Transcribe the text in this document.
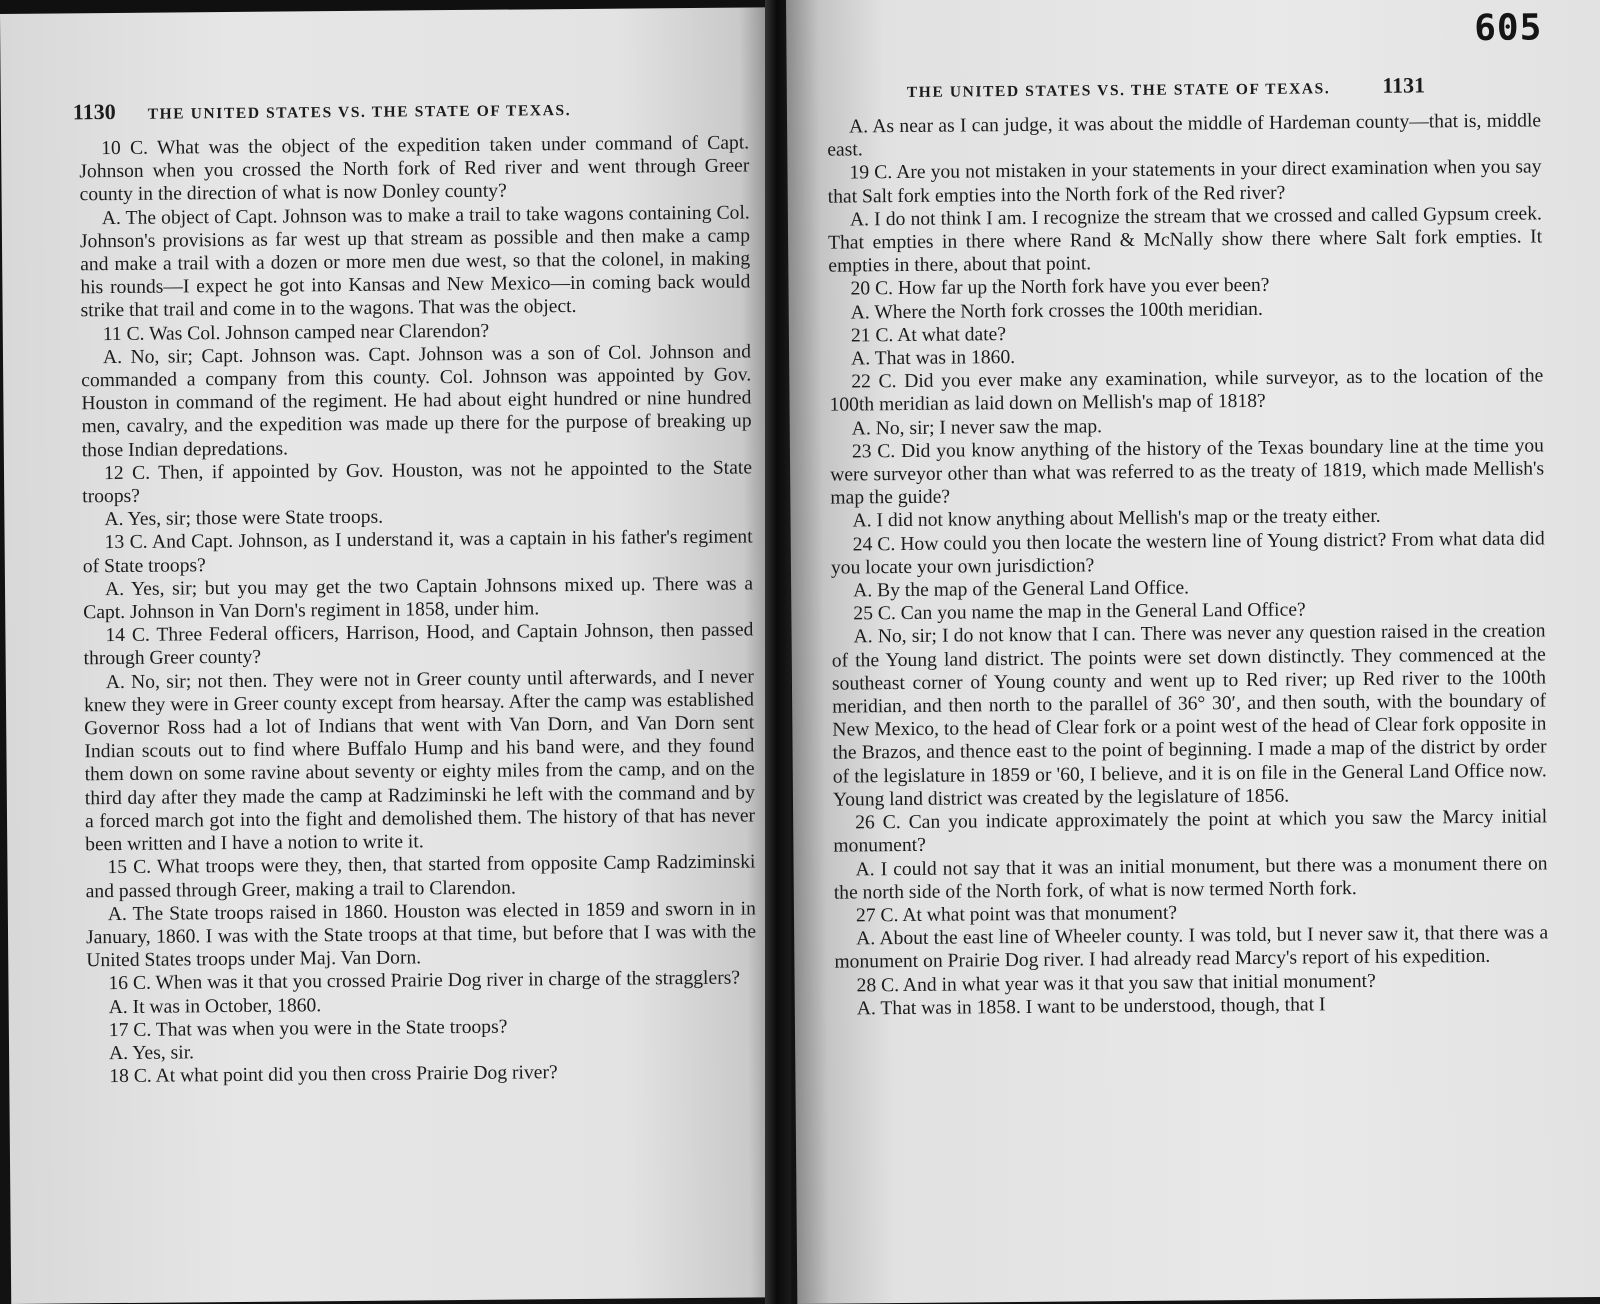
1130 THE UNITED STATES VS. THE STATE OF TEXAS.

10 C. What was the object of the expedition taken under command of Capt. Johnson when you crossed the North fork of Red river and went through Greer county in the direction of what is now Donley county?

A. The object of Capt. Johnson was to make a trail to take wagons containing Col. Johnson's provisions as far west up that stream as possible and then make a camp and make a trail with a dozen or more men due west, so that the colonel, in making his rounds—I expect he got into Kansas and New Mexico—in coming back would strike that trail and come in to the wagons. That was the object.

11 C. Was Col. Johnson camped near Clarendon?

A. No, sir; Capt. Johnson was. Capt. Johnson was a son of Col. Johnson and commanded a company from this county. Col. Johnson was appointed by Gov. Houston in command of the regiment. He had about eight hundred or nine hundred men, cavalry, and the expedition was made up there for the purpose of breaking up those Indian depredations.

12 C. Then, if appointed by Gov. Houston, was not he appointed to the State troops?

A. Yes, sir; those were State troops.

13 C. And Capt. Johnson, as I understand it, was a captain in his father's regiment of State troops?

A. Yes, sir; but you may get the two Captain Johnsons mixed up. There was a Capt. Johnson in Van Dorn's regiment in 1858, under him.

14 C. Three Federal officers, Harrison, Hood, and Captain Johnson, then passed through Greer county?

A. No, sir; not then. They were not in Greer county until afterwards, and I never knew they were in Greer county except from hearsay. After the camp was established Governor Ross had a lot of Indians that went with Van Dorn, and Van Dorn sent Indian scouts out to find where Buffalo Hump and his band were, and they found them down on some ravine about seventy or eighty miles from the camp, and on the third day after they made the camp at Radziminski he left with the command and by a forced march got into the fight and demolished them. The history of that has never been written and I have a notion to write it.

15 C. What troops were they, then, that started from opposite Camp Radziminski and passed through Greer, making a trail to Clarendon.

A. The State troops raised in 1860. Houston was elected in 1859 and sworn in in January, 1860. I was with the State troops at that time, but before that I was with the United States troops under Maj. Van Dorn.

16 C. When was it that you crossed Prairie Dog river in charge of the stragglers?

A. It was in October, 1860.

17 C. That was when you were in the State troops?

A. Yes, sir.

18 C. At what point did you then cross Prairie Dog river?

605
THE UNITED STATES VS. THE STATE OF TEXAS. 1131

A. As near as I can judge, it was about the middle of Hardeman county—that is, middle east.

19 C. Are you not mistaken in your statements in your direct examination when you say that Salt fork empties into the North fork of the Red river?

A. I do not think I am. I recognize the stream that we crossed and called Gypsum creek. That empties in there where Rand & McNally show there where Salt fork empties. It empties in there, about that point.

20 C. How far up the North fork have you ever been?

A. Where the North fork crosses the 100th meridian.

21 C. At what date?

A. That was in 1860.

22 C. Did you ever make any examination, while surveyor, as to the location of the 100th meridian as laid down on Mellish's map of 1818?

A. No, sir; I never saw the map.

23 C. Did you know anything of the history of the Texas boundary line at the time you were surveyor other than what was referred to as the treaty of 1819, which made Mellish's map the guide?

A. I did not know anything about Mellish's map or the treaty either.

24 C. How could you then locate the western line of Young district? From what data did you locate your own jurisdiction?

A. By the map of the General Land Office.

25 C. Can you name the map in the General Land Office?

A. No, sir; I do not know that I can. There was never any question raised in the creation of the Young land district. The points were set down distinctly. They commenced at the southeast corner of Young county and went up to Red river; up Red river to the 100th meridian, and then north to the parallel of 36° 30′, and then south, with the boundary of New Mexico, to the head of Clear fork or a point west of the head of Clear fork opposite in the Brazos, and thence east to the point of beginning. I made a map of the district by order of the legislature in 1859 or '60, I believe, and it is on file in the General Land Office now. Young land district was created by the legislature of 1856.

26 C. Can you indicate approximately the point at which you saw the Marcy initial monument?

A. I could not say that it was an initial monument, but there was a monument there on the north side of the North fork, of what is now termed North fork.

27 C. At what point was that monument?

A. About the east line of Wheeler county. I was told, but I never saw it, that there was a monument on Prairie Dog river. I had already read Marcy's report of his expedition.

28 C. And in what year was it that you saw that initial monument?

A. That was in 1858. I want to be understood, though, that I
